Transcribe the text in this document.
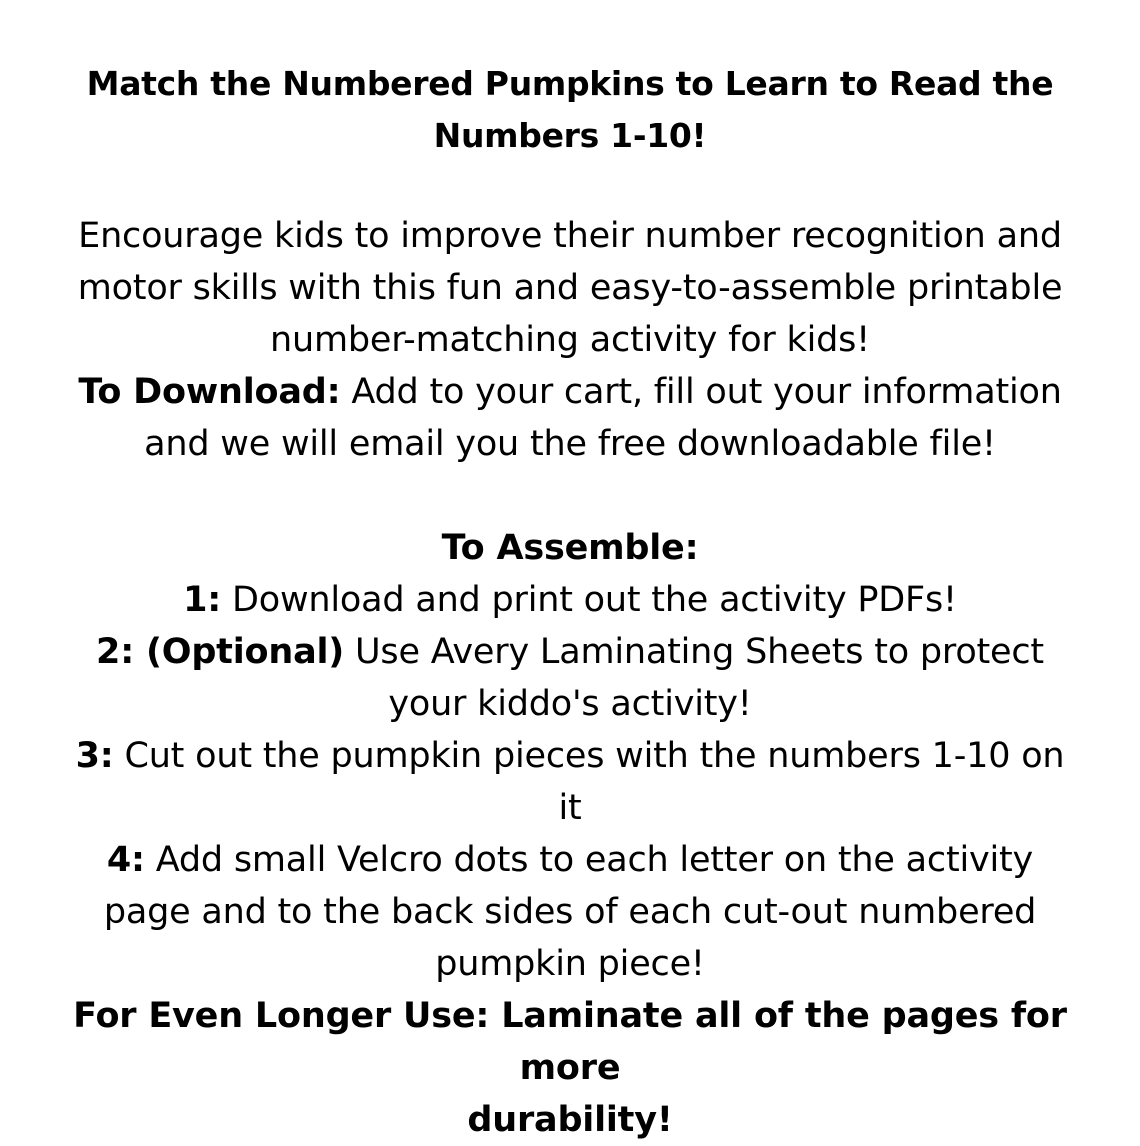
Match the Numbered Pumpkins to Learn to Read the
Numbers 1-10!

Encourage kids to improve their number recognition and
motor skills with this fun and easy-to-assemble printable
number-matching activity for kids!

To Download: Add to your cart, fill out your information
and we will email you the free downloadable file!

To Assemble:

1: Download and print out the activity PDFs!

2: (Optional) Use Avery Laminating Sheets to protect
your kiddo's activity!

3: Cut out the pumpkin pieces with the numbers 1-10 on
it

4: Add small Velcro dots to each letter on the activity
page and to the back sides of each cut-out numbered
pumpkin piece!

For Even Longer Use: Laminate all of the pages for more
durability!
